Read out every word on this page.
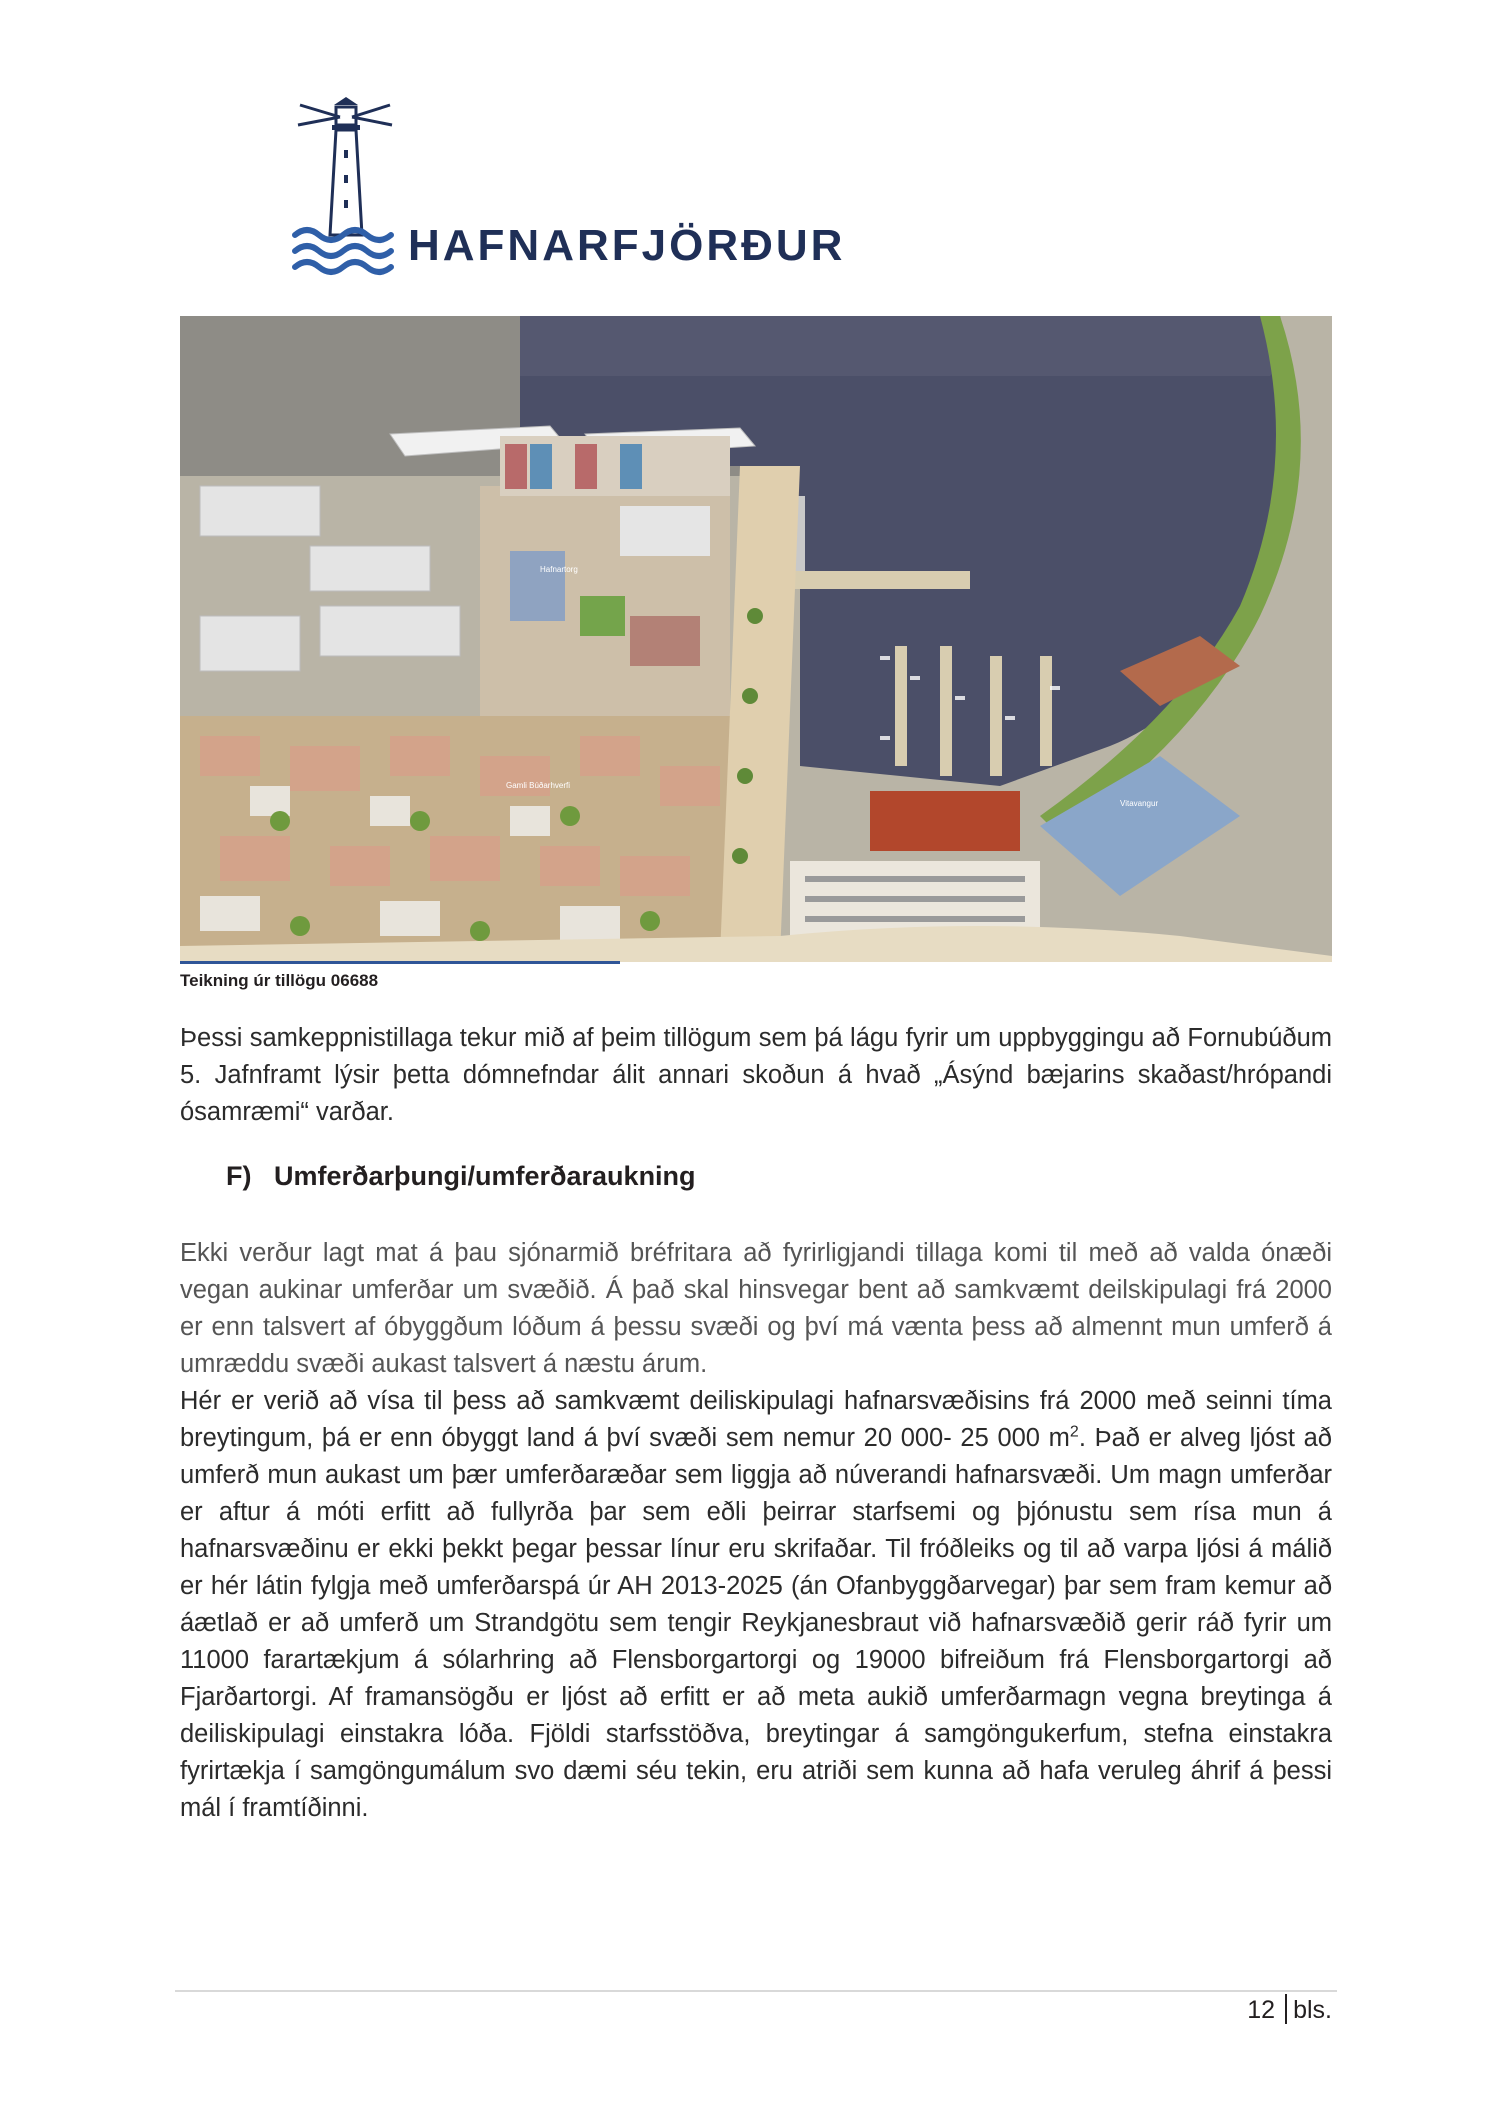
HAFNARFJÖRÐUR
Hafnartorg
Gamli Búðarhverfi
Vitavangur
Teikning úr tillögu 06688

Þessi samkeppnistillaga tekur mið af þeim tillögum sem þá lágu fyrir um uppbyggingu að Fornubúðum 5. Jafnframt lýsir þetta dómnefndar álit annari skoðun á hvað „Ásýnd bæjarins skaðast/hrópandi ósamræmi“ varðar.

F) Umferðarþungi/umferðaraukning

Ekki verður lagt mat á þau sjónarmið bréfritara að fyrirligjandi tillaga komi til með að valda ónæði vegan aukinar umferðar um svæðið. Á það skal hinsvegar bent að samkvæmt deilskipulagi frá 2000 er enn talsvert af óbyggðum lóðum á þessu svæði og því má vænta þess að almennt mun umferð á umræddu svæði aukast talsvert á næstu árum.

Hér er verið að vísa til þess að samkvæmt deiliskipulagi hafnarsvæðisins frá 2000 með seinni tíma breytingum, þá er enn óbyggt land á því svæði sem nemur 20 000- 25 000 $m^2$. Það er alveg ljóst að umferð mun aukast um þær umferðaræðar sem liggja að núverandi hafnarsvæði. Um magn umferðar er aftur á móti erfitt að fullyrða þar sem eðli þeirrar starfsemi og þjónustu sem rísa mun á hafnarsvæðinu er ekki þekkt þegar þessar línur eru skrifaðar. Til fróðleiks og til að varpa ljósi á málið er hér látin fylgja með umferðarspá úr AH 2013-2025 (án Ofanbyggðarvegar) þar sem fram kemur að áætlað er að umferð um Strandgötu sem tengir Reykjanesbraut við hafnarsvæðið gerir ráð fyrir um 11000 farartækjum á sólarhring að Flensborgartorgi og 19000 bifreiðum frá Flensborgartorgi að Fjarðartorgi. Af framansögðu er ljóst að erfitt er að meta aukið umferðarmagn vegna breytinga á deiliskipulagi einstakra lóða. Fjöldi starfsstöðva, breytingar á samgöngukerfum, stefna einstakra fyrirtækja í samgöngumálum svo dæmi séu tekin, eru atriði sem kunna að hafa veruleg áhrif á þessi mál í framtíðinni.

12 bls.
